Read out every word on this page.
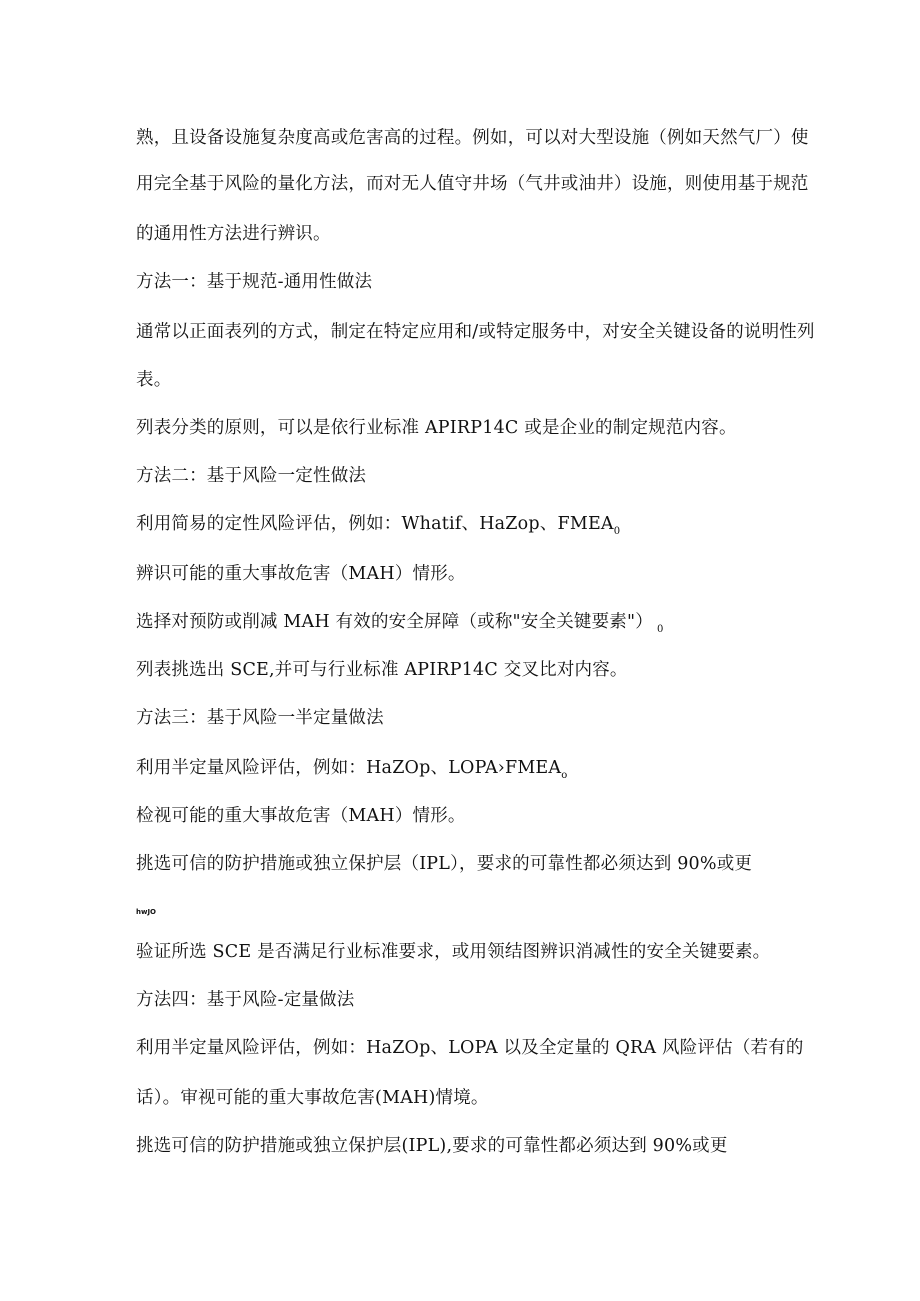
熟，且设备设施复杂度高或危害高的过程。例如，可以对大型设施（例如天然气厂）使

用完全基于风险的量化方法，而对无人值守井场（气井或油井）设施，则使用基于规范

的通用性方法进行辨识。

方法一：基于规范-通用性做法

通常以正面表列的方式，制定在特定应用和/或特定服务中，对安全关键设备的说明性列

表。

列表分类的原则，可以是依行业标准 APIRP14C 或是企业的制定规范内容。

方法二：基于风险一定性做法

利用简易的定性风险评估，例如：Whatif、HaZop、$FMEA_0$

辨识可能的重大事故危害（MAH）情形。

选择对预防或削减 MAH 有效的安全屏障（或称"安全关键要素"） $_0$

列表挑选出 SCE,并可与行业标准 APIRP14C 交叉比对内容。

方法三：基于风险一半定量做法

利用半定量风险评估，例如：HaZOp、$LOPA›FMEA_o$

检视可能的重大事故危害（MAH）情形。

挑选可信的防护措施或独立保护层（IPL），要求的可靠性都必须达到 90%或更

hwJO

验证所选 SCE 是否满足行业标准要求，或用领结图辨识消减性的安全关键要素。

方法四：基于风险-定量做法

利用半定量风险评估，例如：HaZOp、LOPA 以及全定量的 QRA 风险评估（若有的

话）。审视可能的重大事故危害(MAH)情境。

挑选可信的防护措施或独立保护层(IPL),要求的可靠性都必须达到 90%或更
